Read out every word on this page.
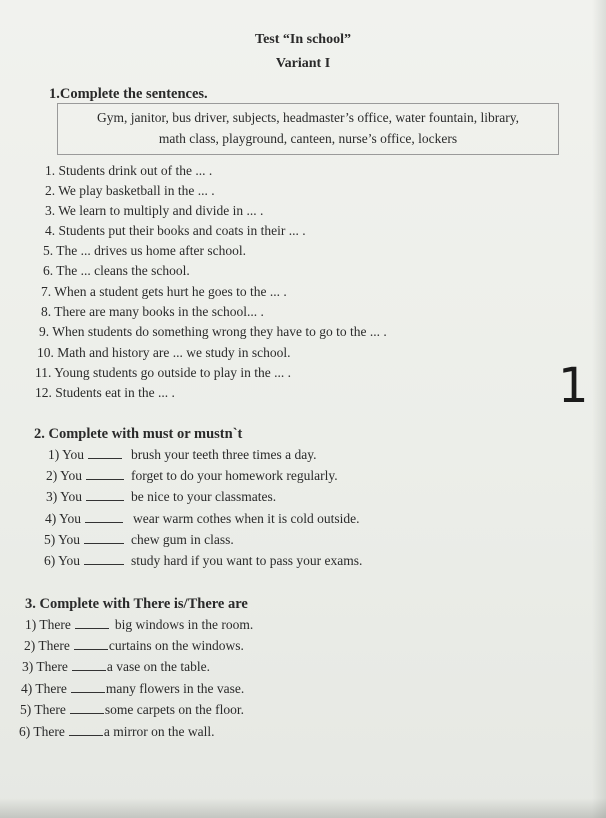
Test “In school”
Variant I
1.Complete the sentences.
Gym, janitor, bus driver, subjects, headmaster’s office, water fountain, library,
math class, playground, canteen, nurse’s office, lockers
1. Students drink out of the ... .
2. We play basketball in the ... .
3. We learn to multiply and divide in ... .
4. Students put their books and coats in their ... .
5. The ... drives us home after school.
6. The ... cleans the school.
7. When a student gets hurt he goes to the ... .
8. There are many books in the school... .
9. When students do something wrong they have to go to the ... .
10. Math and history are ... we study in school.
11. Young students go outside to play in the ... .
12. Students eat in the ... .	1
2. Complete with must or mustn`t
1) You	brush your teeth three times a day.
2) You	forget to do your homework regularly.
3) You	be nice to your classmates.
4) You	wear warm cothes when it is cold outside.
5) You	chew gum in class.
6) You	study hard if you want to pass your exams.
3. Complete with There is/There are
1) There	big windows in the room.
2) There	curtains on the windows.
3) There	a vase on the table.
4) There	many flowers in the vase.
5) There	some carpets on the floor.
6) There	a mirror on the wall.
